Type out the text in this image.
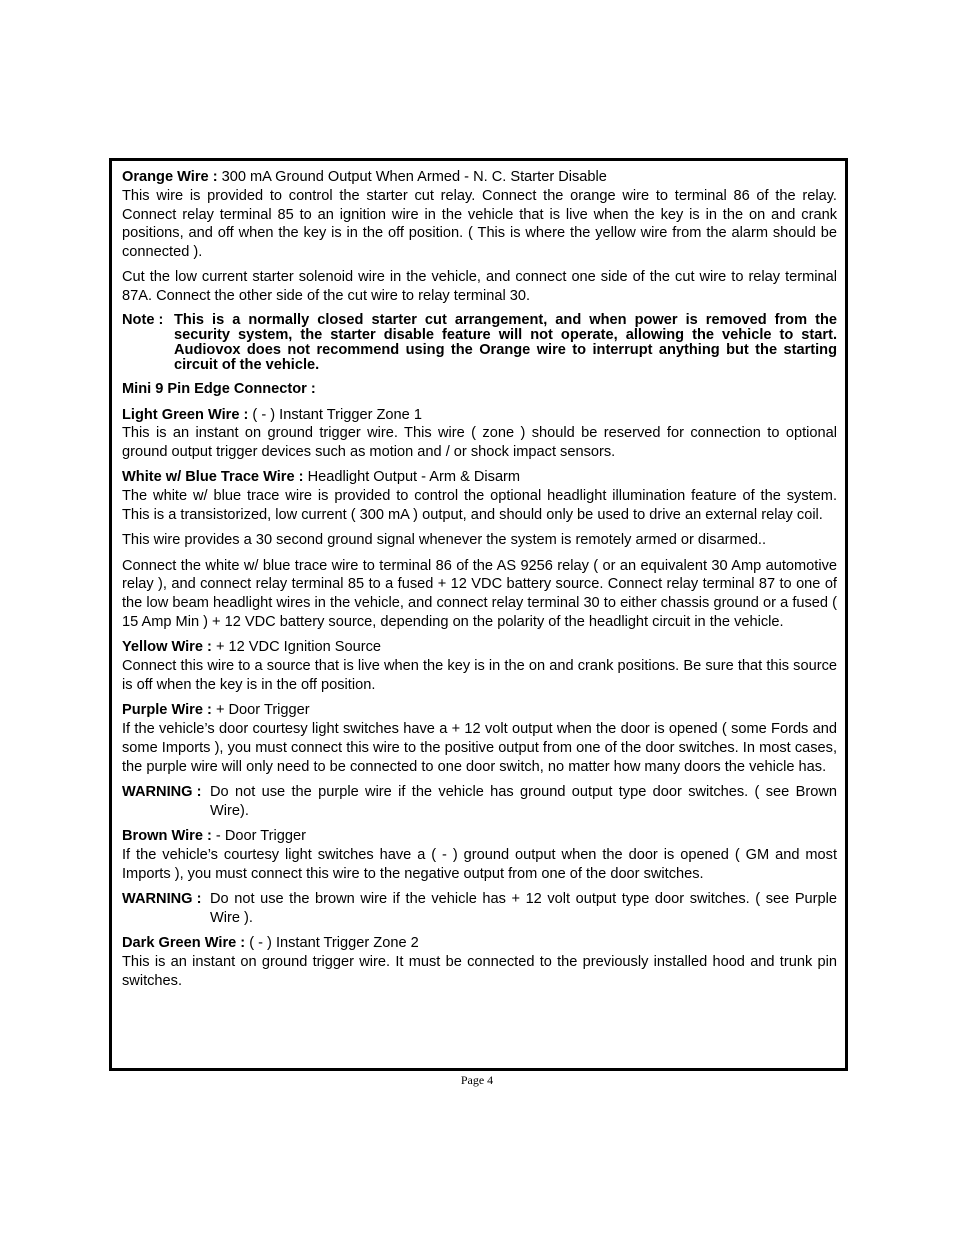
Orange Wire : 300 mA Ground Output When Armed - N. C. Starter Disable

This wire is provided to control the starter cut relay. Connect the orange wire to terminal 86 of the relay. Connect relay terminal 85 to an ignition wire in the vehicle that is live when the key is in the on and crank positions, and off when the key is in the off position. ( This is where the yellow wire from the alarm should be connected ).

Cut the low current starter solenoid wire in the vehicle, and connect one side of the cut wire to relay terminal 87A. Connect the other side of the cut wire to relay terminal 30.

Note : This is a normally closed starter cut arrangement, and when power is removed from the security system, the starter disable feature will not operate, allowing the vehicle to start. Audiovox does not recommend using the Orange wire to interrupt anything but the starting circuit of the vehicle.

Mini 9 Pin Edge Connector :

Light Green Wire : ( - ) Instant Trigger Zone 1

This is an instant on ground trigger wire. This wire ( zone ) should be reserved for connection to optional ground output trigger devices such as motion and / or shock impact sensors.

White w/ Blue Trace Wire : Headlight Output - Arm & Disarm

The white w/ blue trace wire is provided to control the optional headlight illumination feature of the system. This is a transistorized, low current ( 300 mA ) output, and should only be used to drive an external relay coil.

This wire provides a 30 second ground signal whenever the system is remotely armed or disarmed..

Connect the white w/ blue trace wire to terminal 86 of the AS 9256 relay ( or an equivalent 30 Amp automotive relay ), and connect relay terminal 85 to a fused + 12 VDC battery source. Connect relay terminal 87 to one of the low beam headlight wires in the vehicle, and connect relay terminal 30 to either chassis ground or a fused ( 15 Amp Min ) + 12 VDC battery source, depending on the polarity of the headlight circuit in the vehicle.

Yellow Wire : + 12 VDC Ignition Source

Connect this wire to a source that is live when the key is in the on and crank positions. Be sure that this source is off when the key is in the off position.

Purple Wire : + Door Trigger

If the vehicle’s door courtesy light switches have a + 12 volt output when the door is opened ( some Fords and some Imports ), you must connect this wire to the positive output from one of the door switches. In most cases, the purple wire will only need to be connected to one door switch, no matter how many doors the vehicle has.

WARNING : Do not use the purple wire if the vehicle has ground output type door switches. ( see Brown Wire).

Brown Wire : - Door Trigger

If the vehicle’s courtesy light switches have a ( - ) ground output when the door is opened ( GM and most Imports ), you must connect this wire to the negative output from one of the door switches.

WARNING : Do not use the brown wire if the vehicle has + 12 volt output type door switches. ( see Purple Wire ).

Dark Green Wire : ( - ) Instant Trigger Zone 2

This is an instant on ground trigger wire. It must be connected to the previously installed hood and trunk pin switches.

Page 4
